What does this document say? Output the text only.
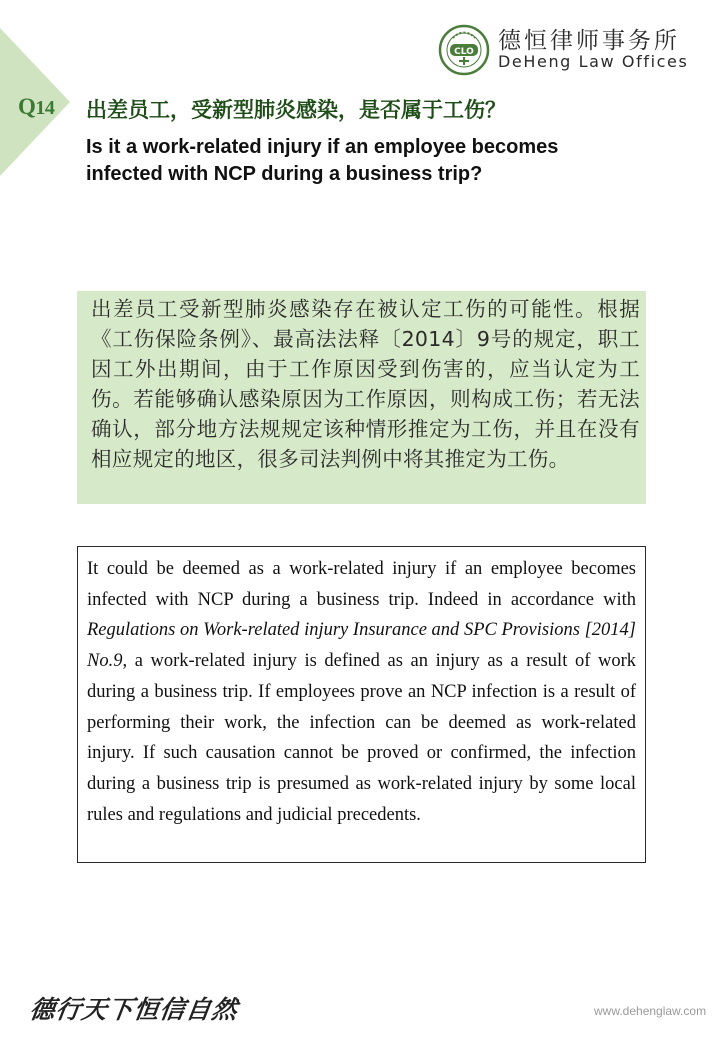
Q14
CLO 德恒律师事务所
DeHeng Law Offices
出差员工，受新型肺炎感染，是否属于工伤？
Is it a work-related injury if an employee becomes infected with NCP during a business trip?

出差员工受新型肺炎感染存在被认定工伤的可能性。根据《工伤保险条例》、最高法法释〔2014〕9号的规定，职工因工外出期间，由于工作原因受到伤害的，应当认定为工伤。若能够确认感染原因为工作原因，则构成工伤；若无法确认，部分地方法规规定该种情形推定为工伤，并且在没有相应规定的地区，很多司法判例中将其推定为工伤。

It could be deemed as a work-related injury if an employee becomes infected with NCP during a business trip. Indeed in accordance with Regulations on Work-related injury Insurance and SPC Provisions [2014] No.9, a work-related injury is defined as an injury as a result of work during a business trip. If employees prove an NCP infection is a result of performing their work, the infection can be deemed as work-related injury. If such causation cannot be proved or confirmed, the infection during a business trip is presumed as work-related injury by some local rules and regulations and judicial precedents.

德行天下恒信自然	www.dehenglaw.com
